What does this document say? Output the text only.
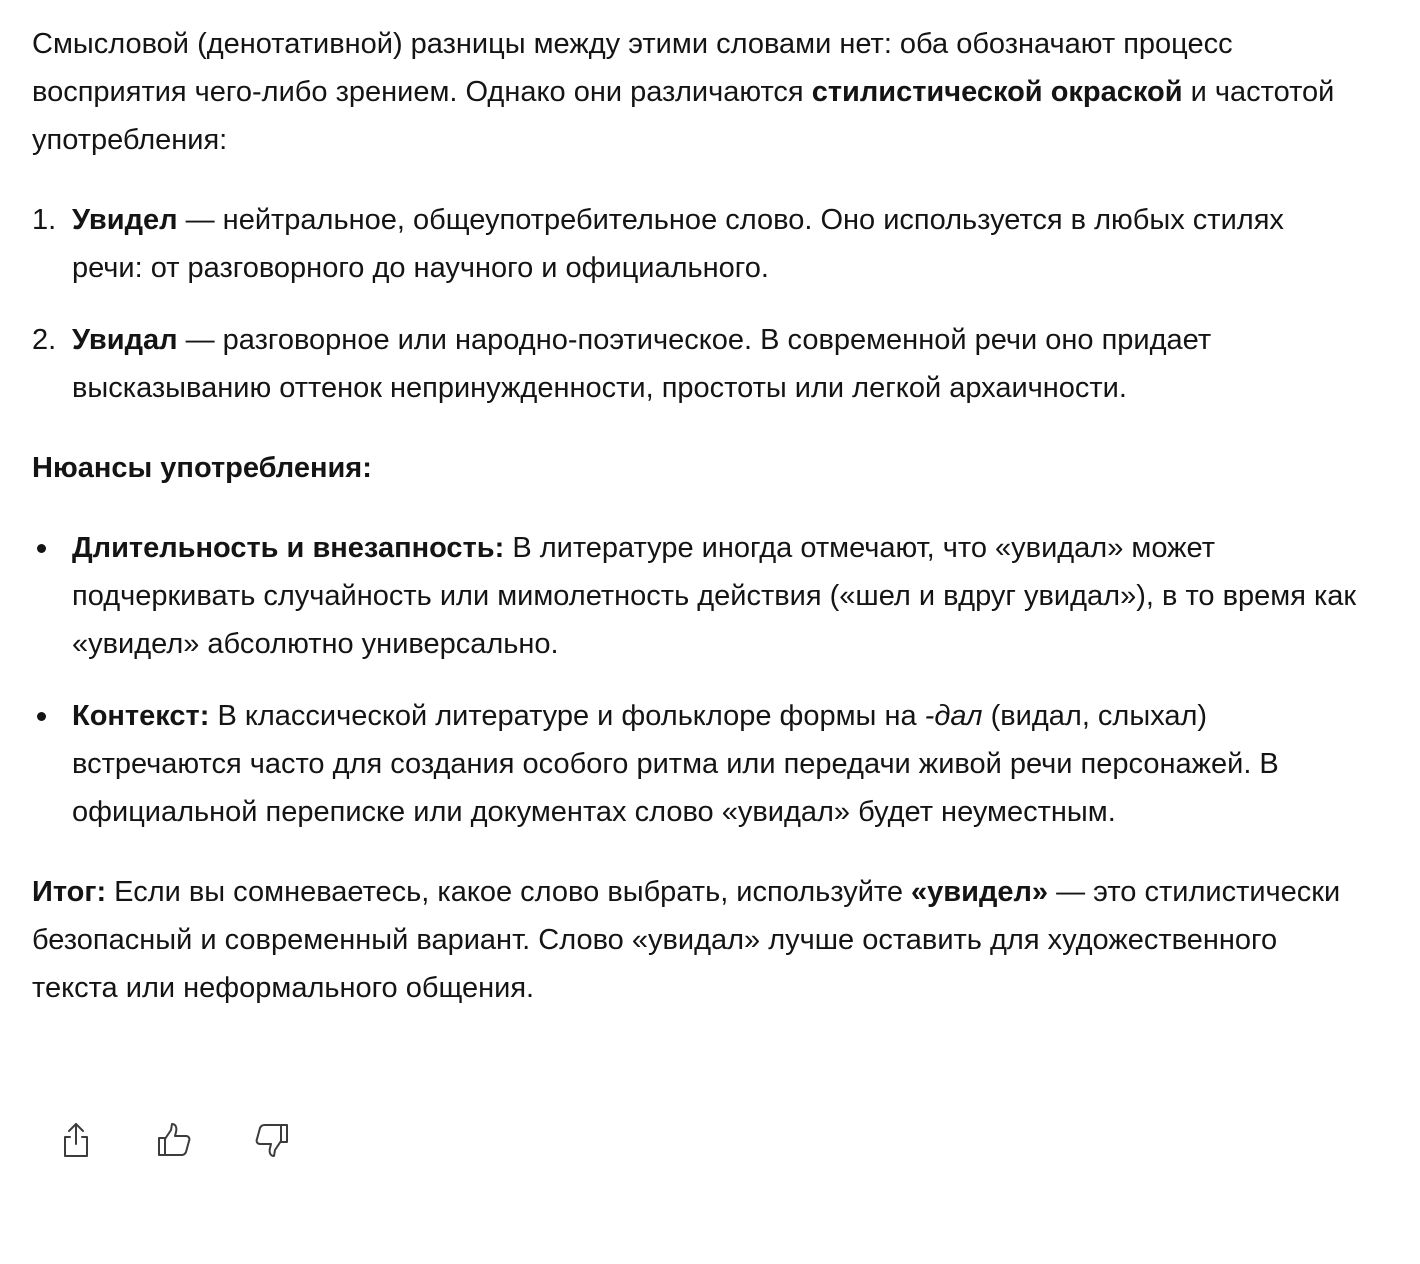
Смысловой (денотативной) разницы между этими словами нет: оба обозначают процесс восприятия чего-либо зрением. Однако они различаются стилистической окраской и частотой употребления:

1. Увидел — нейтральное, общеупотребительное слово. Оно используется в любых стилях речи: от разговорного до научного и официального.
2. Увидал — разговорное или народно-поэтическое. В современной речи оно придает высказыванию оттенок непринужденности, простоты или легкой архаичности.

Нюансы употребления:

Длительность и внезапность: В литературе иногда отмечают, что «увидал» может подчеркивать случайность или мимолетность действия («шел и вдруг увидал»), в то время как «увидел» абсолютно универсально.
Контекст: В классической литературе и фольклоре формы на -дал (видал, слыхал) встречаются часто для создания особого ритма или передачи живой речи персонажей. В официальной переписке или документах слово «увидал» будет неуместным.

Итог: Если вы сомневаетесь, какое слово выбрать, используйте «увидел» — это стилистически безопасный и современный вариант. Слово «увидал» лучше оставить для художественного текста или неформального общения.
